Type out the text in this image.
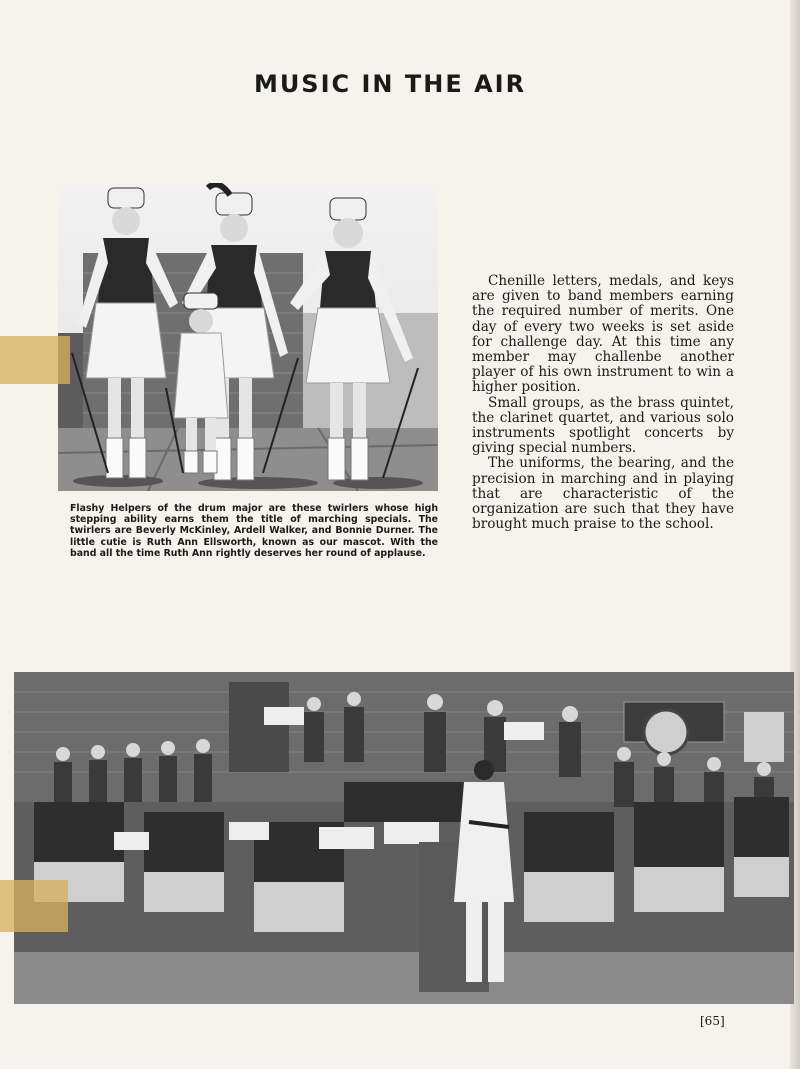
MUSIC IN THE AIR

Flashy Helpers of the drum major are these twirlers whose high stepping ability earns them the title of marching specials. The twirlers are Beverly McKinley, Ardell Walker, and Bonnie Durner. The little cutie is Ruth Ann Ellsworth, known as our mascot. With the band all the time Ruth Ann rightly deserves her round of applause.

Chenille letters, medals, and keys are given to band members earning the required number of merits. One day of every two weeks is set aside for challenge day. At this time any member may challenbe another player of his own instrument to win a higher position.

Small groups, as the brass quintet, the clarinet quartet, and various solo instruments spotlight concerts by giving special numbers.

The uniforms, the bearing, and the precision in marching and in playing that are characteristic of the organization are such that they have brought much praise to the school.

[65]
